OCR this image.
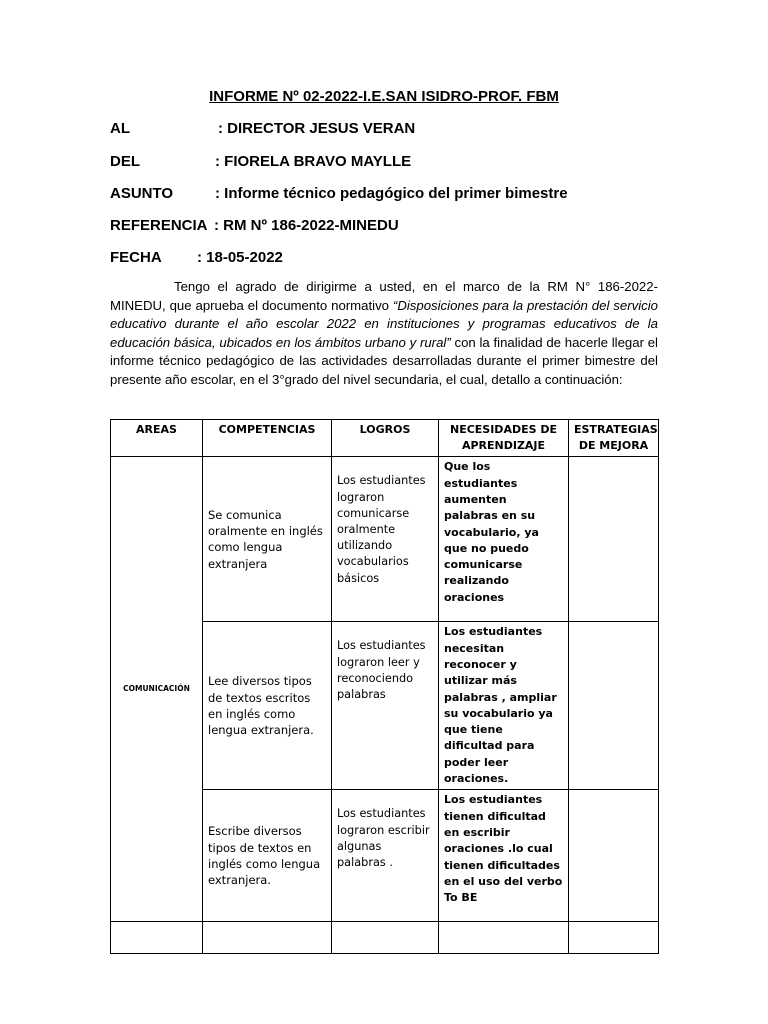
INFORME Nº 02-2022-I.E.SAN ISIDRO-PROF. FBM
AL	: DIRECTOR JESUS VERAN
DEL	: FIORELA BRAVO MAYLLE
ASUNTO	: Informe técnico pedagógico del primer bimestre
REFERENCIA : RM Nº 186-2022-MINEDU
FECHA : 18-05-2022
Tengo el agrado de dirigirme a usted, en el marco de la RM N° 186-2022-MINEDU, que aprueba el documento normativo “Disposiciones para la prestación del servicio educativo durante el año escolar 2022 en instituciones y programas educativos de la educación básica, ubicados en los ámbitos urbano y rural” con la finalidad de hacerle llegar el informe técnico pedagógico de las actividades desarrolladas durante el primer bimestre del presente año escolar, en el 3°grado del nivel secundaria, el cual, detallo a continuación:
AREAS	COMPETENCIAS	LOGROS	NECESIDADES DE APRENDIZAJE	ESTRATEGIAS DE MEJORA
COMUNICACIÓN	Se comunica oralmente en inglés como lengua extranjera	Los estudiantes lograron comunicarse oralmente utilizando vocabularios básicos	Que los estudiantes aumenten palabras en su vocabulario, ya que no puedo comunicarse realizando oraciones	
	Lee diversos tipos de textos escritos en inglés como lengua extranjera.	Los estudiantes lograron leer y reconociendo palabras	Los estudiantes necesitan reconocer y utilizar más palabras , ampliar su vocabulario ya que tiene dificultad para poder leer oraciones.	
	Escribe diversos tipos de textos en inglés como lengua extranjera.	Los estudiantes lograron escribir algunas palabras .	Los estudiantes tienen dificultad en escribir oraciones .lo cual tienen dificultades en el uso del verbo To BE	
